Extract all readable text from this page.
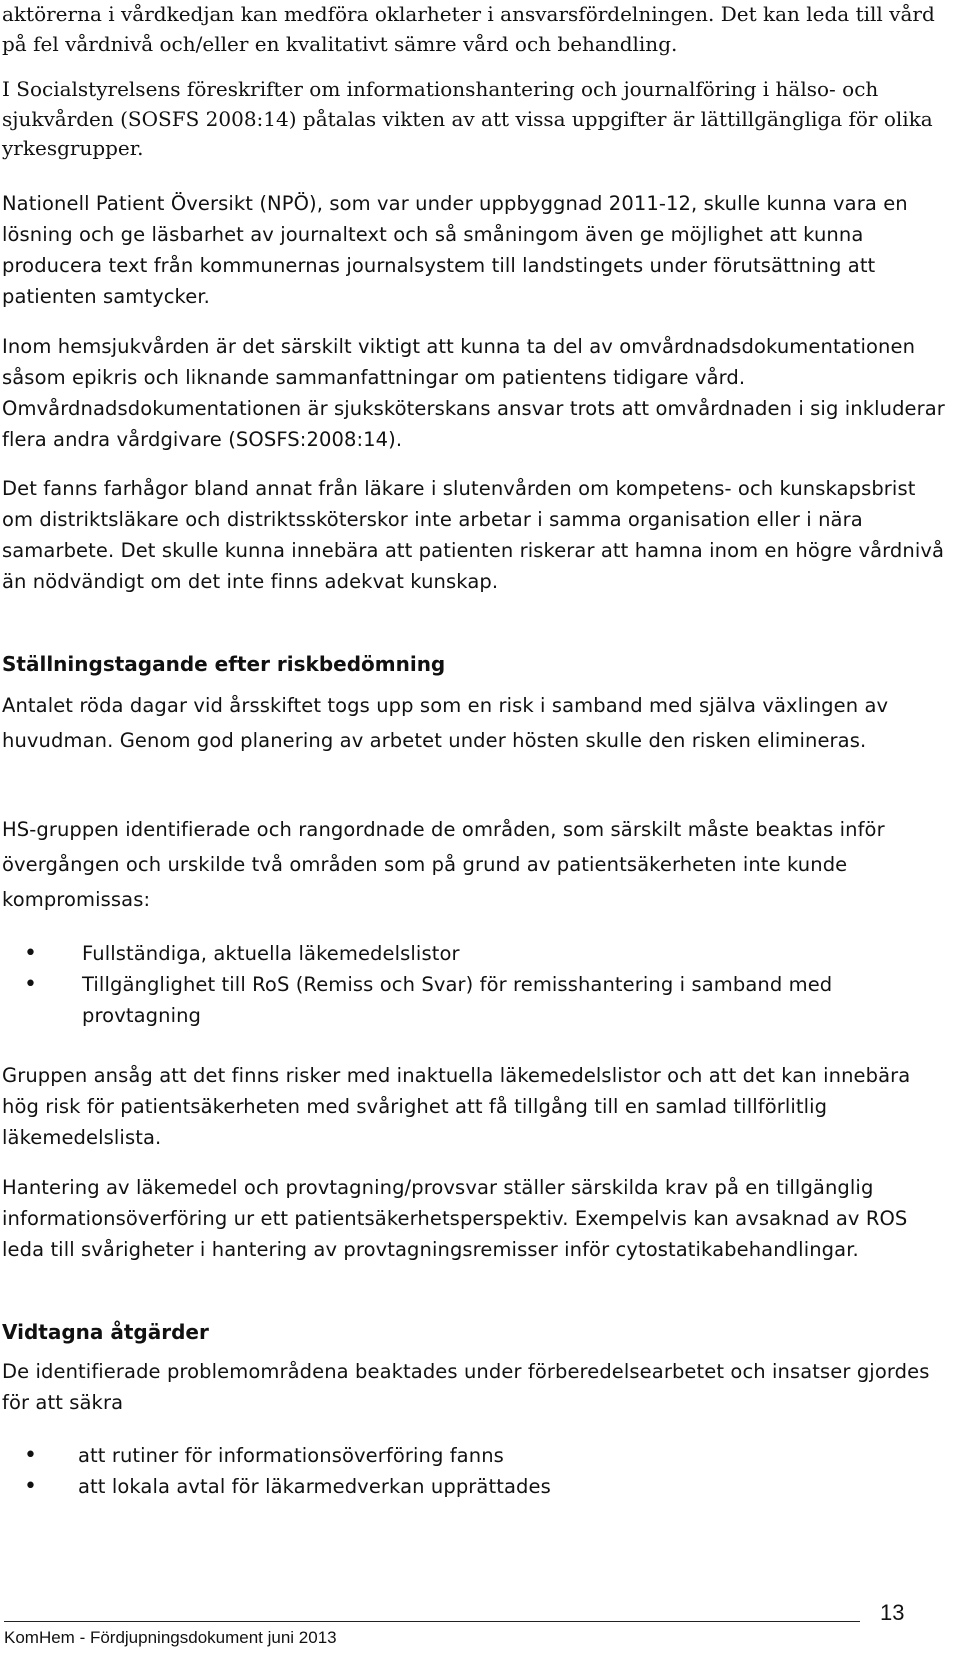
aktörerna i vårdkedjan kan medföra oklarheter i ansvarsfördelningen. Det kan leda till vård på fel vårdnivå och/eller en kvalitativt sämre vård och behandling.

I Socialstyrelsens föreskrifter om informationshantering och journalföring i hälso- och sjukvården (SOSFS 2008:14) påtalas vikten av att vissa uppgifter är lättillgängliga för olika yrkesgrupper.

Nationell Patient Översikt (NPÖ), som var under uppbyggnad 2011-12, skulle kunna vara en lösning och ge läsbarhet av journaltext och så småningom även ge möjlighet att kunna producera text från kommunernas journalsystem till landstingets under förutsättning att patienten samtycker.

Inom hemsjukvården är det särskilt viktigt att kunna ta del av omvårdnadsdokumentationen såsom epikris och liknande sammanfattningar om patientens tidigare vård. Omvårdnadsdokumentationen är sjuksköterskans ansvar trots att omvårdnaden i sig inkluderar flera andra vårdgivare (SOSFS:2008:14).

Det fanns farhågor bland annat från läkare i slutenvården om kompetens- och kunskapsbrist om distriktsläkare och distriktssköterskor inte arbetar i samma organisation eller i nära samarbete. Det skulle kunna innebära att patienten riskerar att hamna inom en högre vårdnivå än nödvändigt om det inte finns adekvat kunskap.

Ställningstagande efter riskbedömning

Antalet röda dagar vid årsskiftet togs upp som en risk i samband med själva växlingen av huvudman. Genom god planering av arbetet under hösten skulle den risken elimineras.

HS-gruppen identifierade och rangordnade de områden, som särskilt måste beaktas inför övergången och urskilde två områden som på grund av patientsäkerheten inte kunde kompromissas:

• Fullständiga, aktuella läkemedelslistor
• Tillgänglighet till RoS (Remiss och Svar) för remisshantering i samband med provtagning

Gruppen ansåg att det finns risker med inaktuella läkemedelslistor och att det kan innebära hög risk för patientsäkerheten med svårighet att få tillgång till en samlad tillförlitlig läkemedelslista.

Hantering av läkemedel och provtagning/provsvar ställer särskilda krav på en tillgänglig informationsöverföring ur ett patientsäkerhetsperspektiv. Exempelvis kan avsaknad av ROS leda till svårigheter i hantering av provtagningsremisser inför cytostatikabehandlingar.

Vidtagna åtgärder

De identifierade problemområdena beaktades under förberedelsearbetet och insatser gjordes för att säkra

• att rutiner för informationsöverföring fanns
• att lokala avtal för läkarmedverkan upprättades
KomHem - Fördjupningsdokument juni 2013
13
